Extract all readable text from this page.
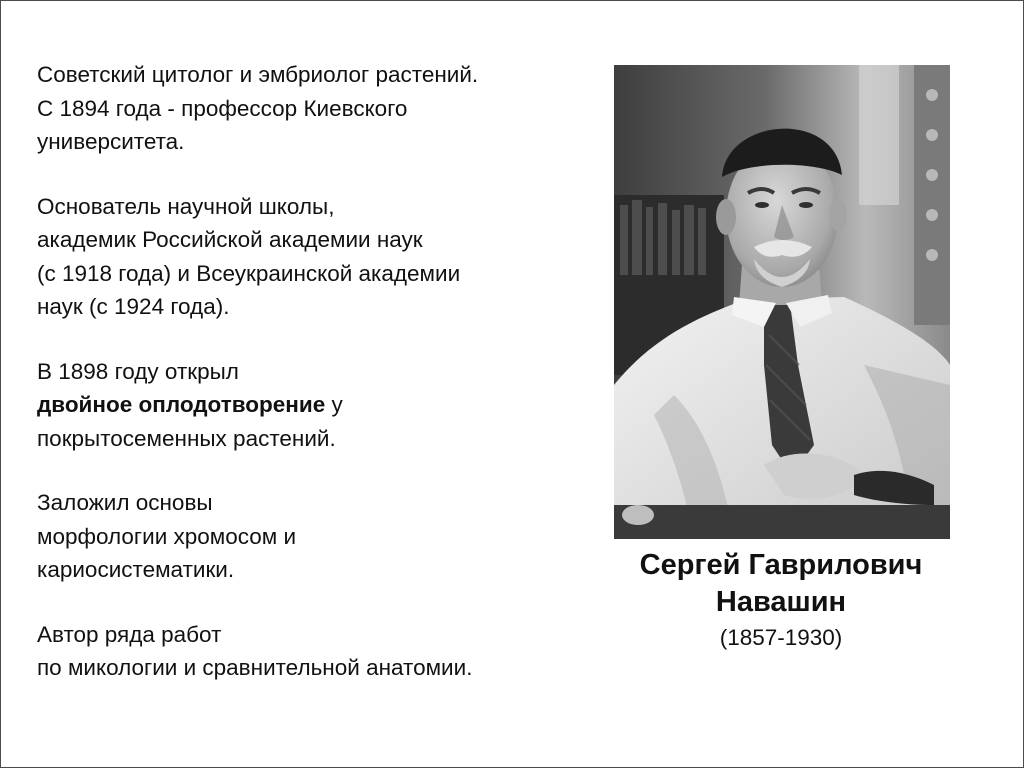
Советский цитолог и эмбриолог растений.
С 1894 года - профессор Киевского
университета.

Основатель научной школы,
академик Российской академии наук
(с 1918 года) и Всеукраинской академии
наук (с 1924 года).

В 1898 году открыл
двойное оплодотворение у
покрытосеменных растений.

Заложил основы
морфологии хромосом и
кариосистематики.

Автор ряда работ
по микологии и сравнительной анатомии.

Сергей Гаврилович
Навашин
(1857-1930)
